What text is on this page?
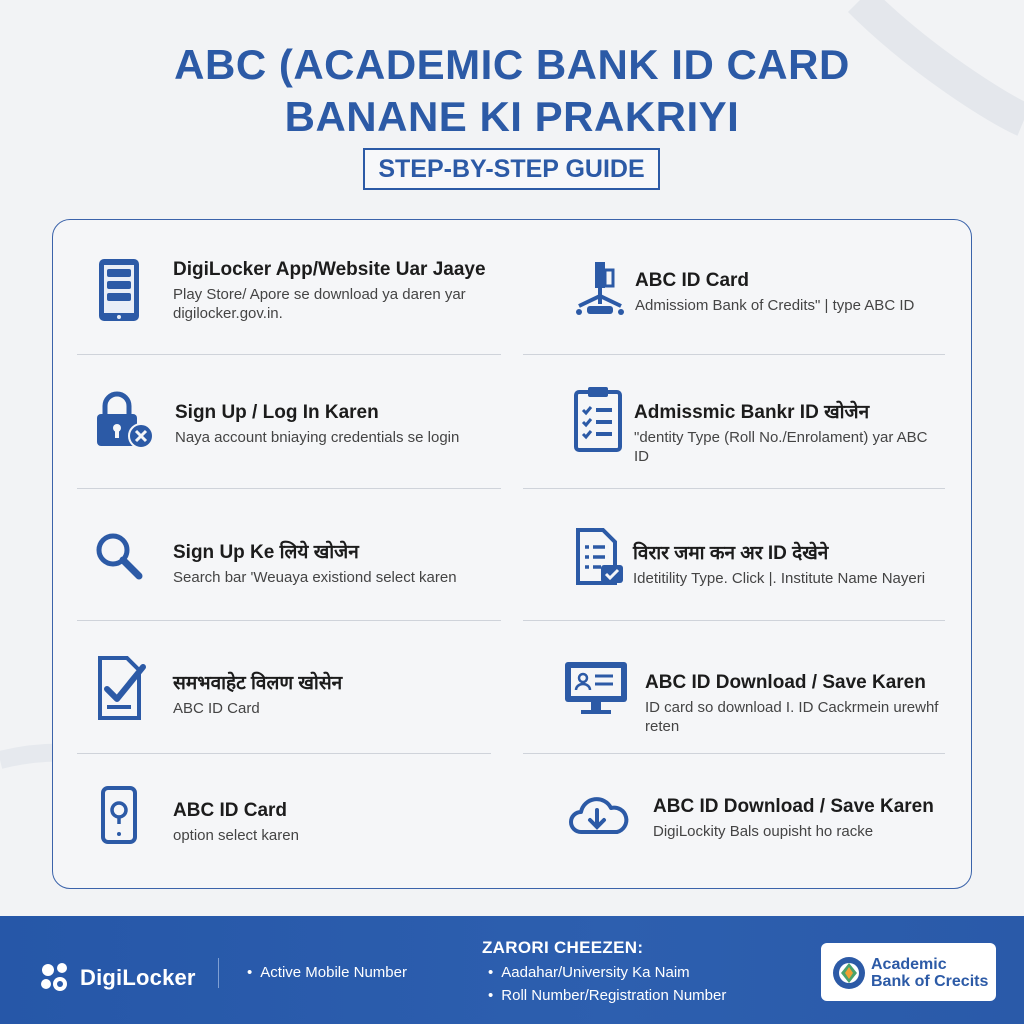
ABC (ACADEMIC BANK ID CARD
BANANE KI PRAKRIYI
STEP-BY-STEP GUIDE
DigiLocker App/Website Uar Jaaye
Play Store/ Apore se download ya daren yar digilocker.gov.in.
Sign Up / Log In Karen
Naya account bniaying credentials se login
Sign Up Ke लिये खोजेन
Search bar 'Weuaya existiond select karen
समभवाहेट विलण खोसेन
ABC ID Card
ABC ID Card
option select karen
ABC ID Card
Admissiom Bank of Credits" | type ABC ID
Admissmic Bankr ID खोजेन
"dentity Type (Roll No./Enrolament) yar ABC ID
विरार जमा कन अर ID देखेने
Idetitility Type. Click |. Institute Name Nayeri
ABC ID Download / Save Karen
ID card so download I. ID Cackrmein urewhf reten
ABC ID Download / Save Karen
DigiLockity Bals oupisht ho racke
DigiLocker
•	Active Mobile Number
ZARORI CHEEZEN:
• Aadahar/University Ka Naim
• Roll Number/Registration Number
Academic
Bank of Crecits
